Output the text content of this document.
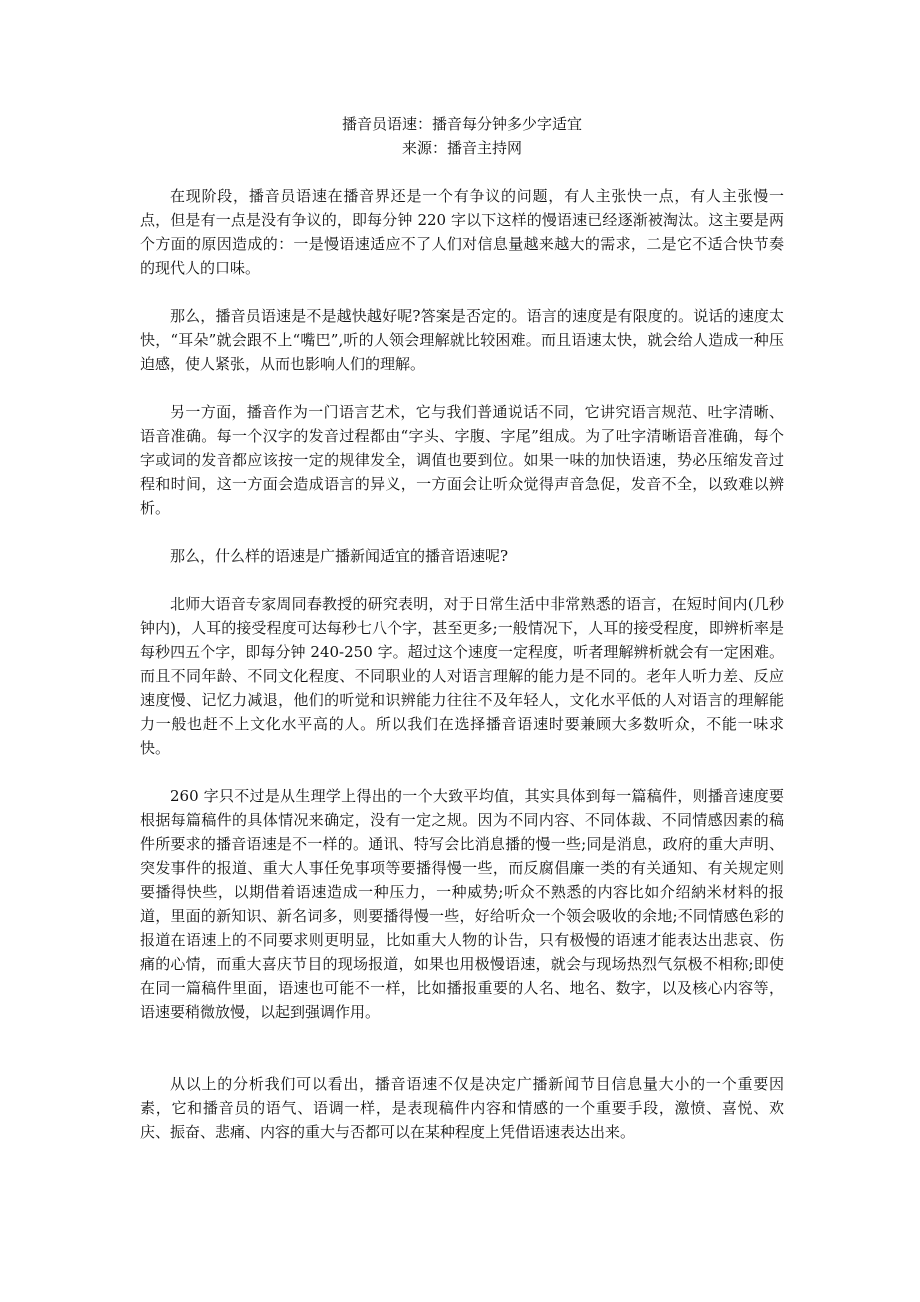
播音员语速：播音每分钟多少字适宜

来源：播音主持网

在现阶段，播音员语速在播音界还是一个有争议的问题，有人主张快一点，有人主张慢一点，但是有一点是没有争议的，即每分钟 220 字以下这样的慢语速已经逐渐被淘汰。这主要是两个方面的原因造成的：一是慢语速适应不了人们对信息量越来越大的需求，二是它不适合快节奏的现代人的口味。

那么，播音员语速是不是越快越好呢?答案是否定的。语言的速度是有限度的。说话的速度太快，“耳朵”就会跟不上“嘴巴”,听的人领会理解就比较困难。而且语速太快，就会给人造成一种压迫感，使人紧张，从而也影响人们的理解。

另一方面，播音作为一门语言艺术，它与我们普通说话不同，它讲究语言规范、吐字清晰、语音准确。每一个汉字的发音过程都由“字头、字腹、字尾”组成。为了吐字清晰语音准确，每个字或词的发音都应该按一定的规律发全，调值也要到位。如果一味的加快语速，势必压缩发音过程和时间，这一方面会造成语言的异义，一方面会让听众觉得声音急促，发音不全，以致难以辨析。

那么，什么样的语速是广播新闻适宜的播音语速呢?

北师大语音专家周同春教授的研究表明，对于日常生活中非常熟悉的语言，在短时间内(几秒钟内)，人耳的接受程度可达每秒七八个字，甚至更多;一般情况下，人耳的接受程度，即辨析率是每秒四五个字，即每分钟 240-250 字。超过这个速度一定程度，听者理解辨析就会有一定困难。而且不同年龄、不同文化程度、不同职业的人对语言理解的能力是不同的。老年人听力差、反应速度慢、记忆力减退，他们的听觉和识辨能力往往不及年轻人，文化水平低的人对语言的理解能力一般也赶不上文化水平高的人。所以我们在选择播音语速时要兼顾大多数听众，不能一味求快。

260 字只不过是从生理学上得出的一个大致平均值，其实具体到每一篇稿件，则播音速度要根据每篇稿件的具体情况来确定，没有一定之规。因为不同内容、不同体裁、不同情感因素的稿件所要求的播音语速是不一样的。通讯、特写会比消息播的慢一些;同是消息，政府的重大声明、突发事件的报道、重大人事任免事项等要播得慢一些，而反腐倡廉一类的有关通知、有关规定则要播得快些，以期借着语速造成一种压力，一种威势;听众不熟悉的内容比如介绍納米材料的报道，里面的新知识、新名词多，则要播得慢一些，好给听众一个领会吸收的余地;不同情感色彩的报道在语速上的不同要求则更明显，比如重大人物的讣告，只有极慢的语速才能表达出悲哀、伤痛的心情，而重大喜庆节目的现场报道，如果也用极慢语速，就会与现场热烈气氛极不相称;即使在同一篇稿件里面，语速也可能不一样，比如播报重要的人名、地名、数字，以及核心内容等，语速要稍微放慢，以起到强调作用。

从以上的分析我们可以看出，播音语速不仅是决定广播新闻节目信息量大小的一个重要因素，它和播音员的语气、语调一样，是表现稿件内容和情感的一个重要手段，激愤、喜悦、欢庆、振奋、悲痛、内容的重大与否都可以在某种程度上凭借语速表达出来。
